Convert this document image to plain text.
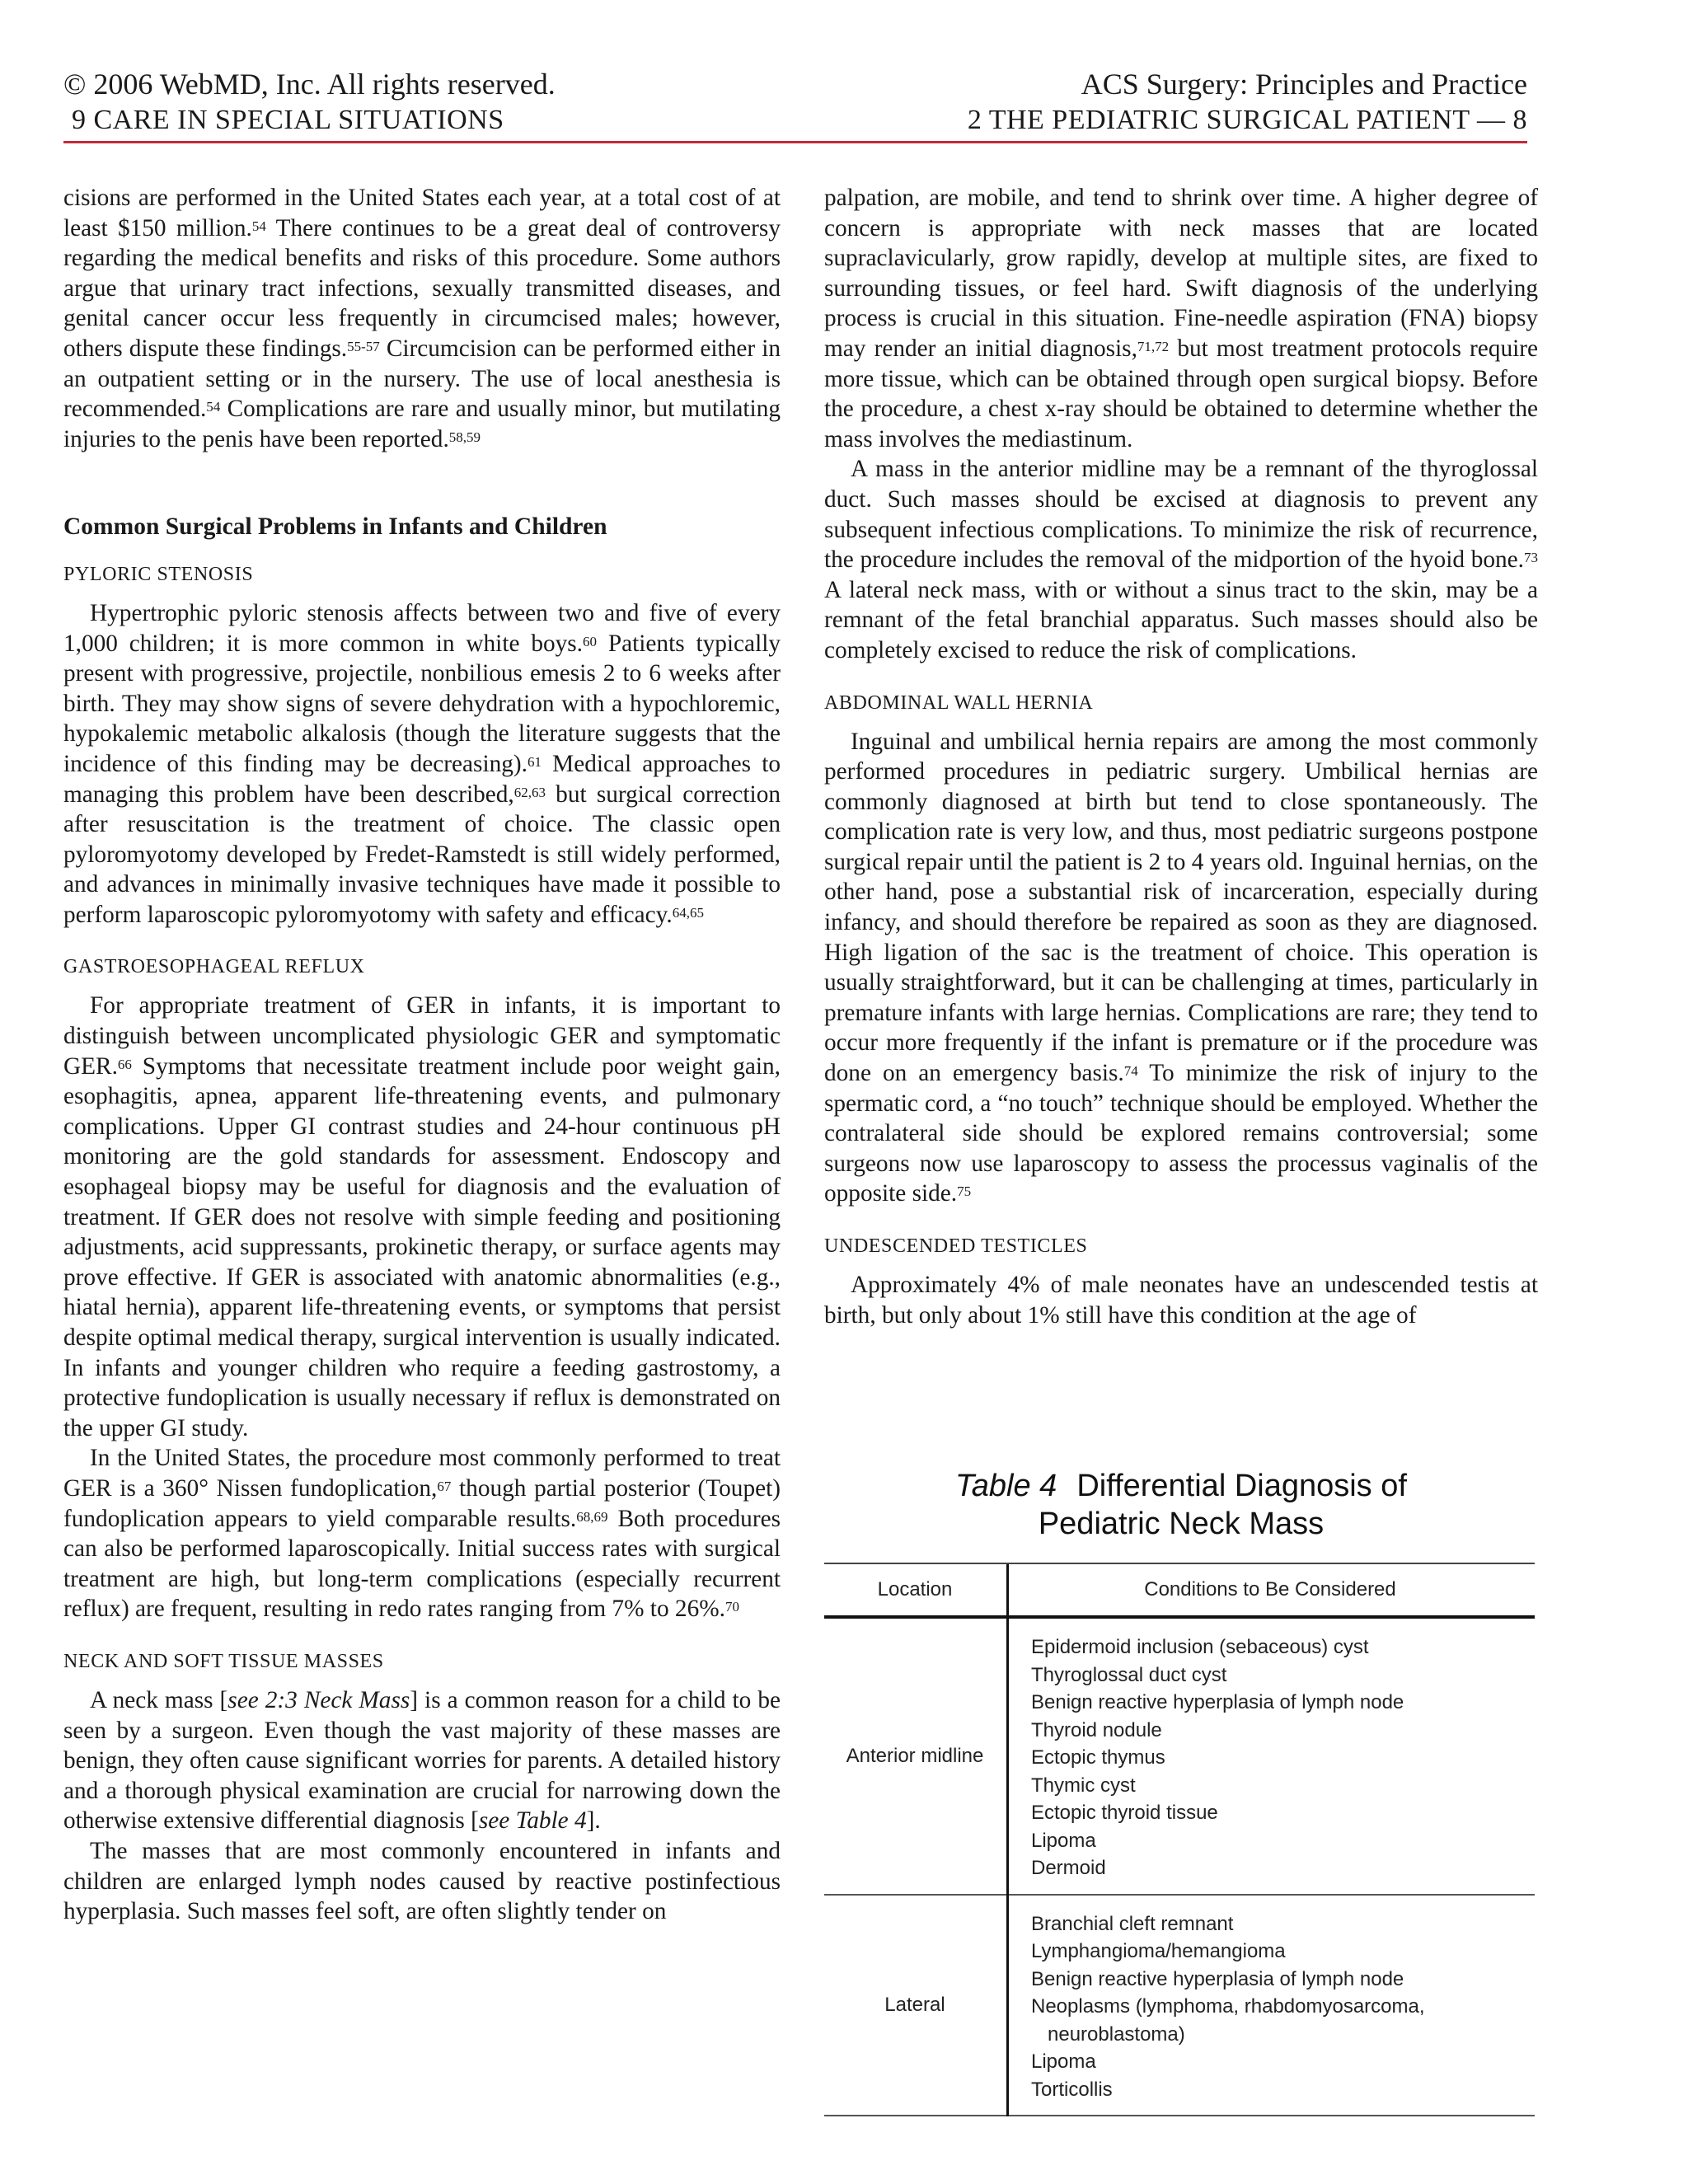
© 2006 WebMD, Inc. All rights reserved.
9 CARE IN SPECIAL SITUATIONS
ACS Surgery: Principles and Practice
2 THE PEDIATRIC SURGICAL PATIENT — 8

cisions are performed in the United States each year, at a total cost of at least $150 million.$^{54}$ There continues to be a great deal of controversy regarding the medical benefits and risks of this procedure. Some authors argue that urinary tract infections, sexually transmitted diseases, and genital cancer occur less frequently in circumcised males; however, others dispute these findings.$^{55-57}$ Circumcision can be performed either in an outpatient setting or in the nursery. The use of local anesthesia is recommended.$^{54}$ Complications are rare and usually minor, but mutilating injuries to the penis have been reported.$^{58,59}$

Common Surgical Problems in Infants and Children
PYLORIC STENOSIS

Hypertrophic pyloric stenosis affects between two and five of every 1,000 children; it is more common in white boys.$^{60}$ Patients typically present with progressive, projectile, nonbilious emesis 2 to 6 weeks after birth. They may show signs of severe dehydration with a hypochloremic, hypokalemic metabolic alkalosis (though the literature suggests that the incidence of this finding may be decreasing).$^{61}$ Medical approaches to managing this problem have been described,$^{62,63}$ but surgical correction after resuscitation is the treatment of choice. The classic open pyloromyotomy developed by Fredet-Ramstedt is still widely performed, and advances in minimally invasive techniques have made it possible to perform laparoscopic pyloromyotomy with safety and efficacy.$^{64,65}$

GASTROESOPHAGEAL REFLUX

For appropriate treatment of GER in infants, it is important to distinguish between uncomplicated physiologic GER and symptomatic GER.$^{66}$ Symptoms that necessitate treatment include poor weight gain, esophagitis, apnea, apparent life-threatening events, and pulmonary complications. Upper GI contrast studies and 24-hour continuous pH monitoring are the gold standards for assessment. Endoscopy and esophageal biopsy may be useful for diagnosis and the evaluation of treatment. If GER does not resolve with simple feeding and positioning adjustments, acid suppressants, prokinetic therapy, or surface agents may prove effective. If GER is associated with anatomic abnormalities (e.g., hiatal hernia), apparent life-threatening events, or symptoms that persist despite optimal medical therapy, surgical intervention is usually indicated. In infants and younger children who require a feeding gastrostomy, a protective fundoplication is usually necessary if reflux is demonstrated on the upper GI study.

In the United States, the procedure most commonly performed to treat GER is a 360° Nissen fundoplication,$^{67}$ though partial posterior (Toupet) fundoplication appears to yield comparable results.$^{68,69}$ Both procedures can also be performed laparoscopically. Initial success rates with surgical treatment are high, but long-term complications (especially recurrent reflux) are frequent, resulting in redo rates ranging from 7% to 26%.$^{70}$

NECK AND SOFT TISSUE MASSES

A neck mass [see 2:3 Neck Mass] is a common reason for a child to be seen by a surgeon. Even though the vast majority of these masses are benign, they often cause significant worries for parents. A detailed history and a thorough physical examination are crucial for narrowing down the otherwise extensive differential diagnosis [see Table 4].

The masses that are most commonly encountered in infants and children are enlarged lymph nodes caused by reactive postinfectious hyperplasia. Such masses feel soft, are often slightly tender on

palpation, are mobile, and tend to shrink over time. A higher degree of concern is appropriate with neck masses that are located supraclavicularly, grow rapidly, develop at multiple sites, are fixed to surrounding tissues, or feel hard. Swift diagnosis of the underlying process is crucial in this situation. Fine-needle aspiration (FNA) biopsy may render an initial diagnosis,$^{71,72}$ but most treatment protocols require more tissue, which can be obtained through open surgical biopsy. Before the procedure, a chest x-ray should be obtained to determine whether the mass involves the mediastinum.

A mass in the anterior midline may be a remnant of the thyroglossal duct. Such masses should be excised at diagnosis to prevent any subsequent infectious complications. To minimize the risk of recurrence, the procedure includes the removal of the midportion of the hyoid bone.$^{73}$ A lateral neck mass, with or without a sinus tract to the skin, may be a remnant of the fetal branchial apparatus. Such masses should also be completely excised to reduce the risk of complications.

ABDOMINAL WALL HERNIA

Inguinal and umbilical hernia repairs are among the most commonly performed procedures in pediatric surgery. Umbilical hernias are commonly diagnosed at birth but tend to close spontaneously. The complication rate is very low, and thus, most pediatric surgeons postpone surgical repair until the patient is 2 to 4 years old. Inguinal hernias, on the other hand, pose a substantial risk of incarceration, especially during infancy, and should therefore be repaired as soon as they are diagnosed. High ligation of the sac is the treatment of choice. This operation is usually straightforward, but it can be challenging at times, particularly in premature infants with large hernias. Complications are rare; they tend to occur more frequently if the infant is premature or if the procedure was done on an emergency basis.$^{74}$ To minimize the risk of injury to the spermatic cord, a “no touch” technique should be employed. Whether the contralateral side should be explored remains controversial; some surgeons now use laparoscopy to assess the processus vaginalis of the opposite side.$^{75}$

UNDESCENDED TESTICLES

Approximately 4% of male neonates have an undescended testis at birth, but only about 1% still have this condition at the age of

Table 4 Differential Diagnosis of
Pediatric Neck Mass
Location	Conditions to Be Considered
Anterior midline
Epidermoid inclusion (sebaceous) cyst
Thyroglossal duct cyst
Benign reactive hyperplasia of lymph node
Thyroid nodule
Ectopic thymus
Thymic cyst
Ectopic thyroid tissue
Lipoma
Dermoid
Lateral
Branchial cleft remnant
Lymphangioma/hemangioma
Benign reactive hyperplasia of lymph node
Neoplasms (lymphoma, rhabdomyosarcoma, neuroblastoma)
Lipoma
Torticollis
